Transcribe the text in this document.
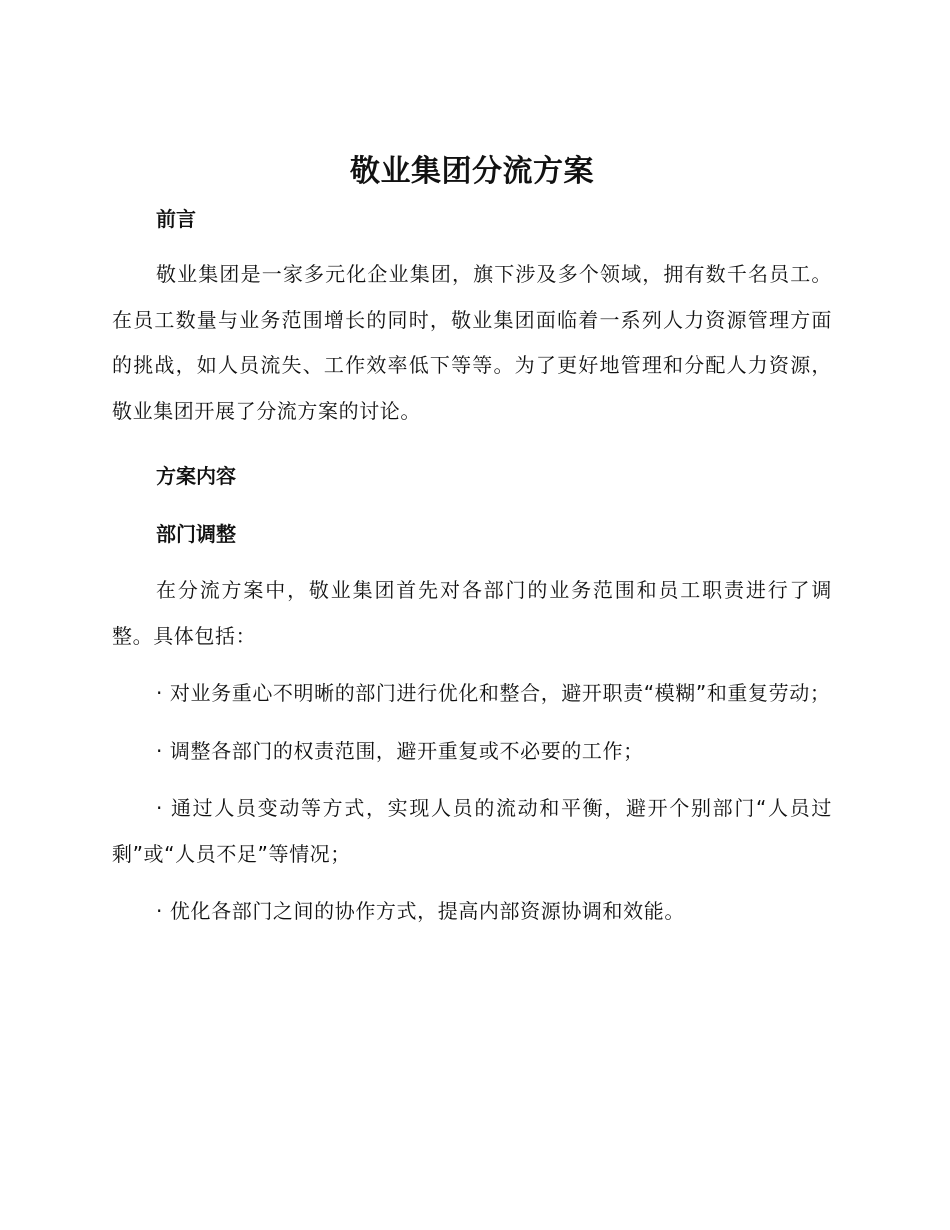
敬业集团分流方案
前言

敬业集团是一家多元化企业集团，旗下涉及多个领域，拥有数千名员工。在员工数量与业务范围增长的同时，敬业集团面临着一系列人力资源管理方面的挑战，如人员流失、工作效率低下等等。为了更好地管理和分配人力资源，敬业集团开展了分流方案的讨论。

方案内容
部门调整

在分流方案中，敬业集团首先对各部门的业务范围和员工职责进行了调整。具体包括：

· 对业务重心不明晰的部门进行优化和整合，避开职责“模糊”和重复劳动；
· 调整各部门的权责范围，避开重复或不必要的工作；
· 通过人员变动等方式，实现人员的流动和平衡，避开个别部门“人员过剩”或“人员不足”等情况；
· 优化各部门之间的协作方式，提高内部资源协调和效能。
